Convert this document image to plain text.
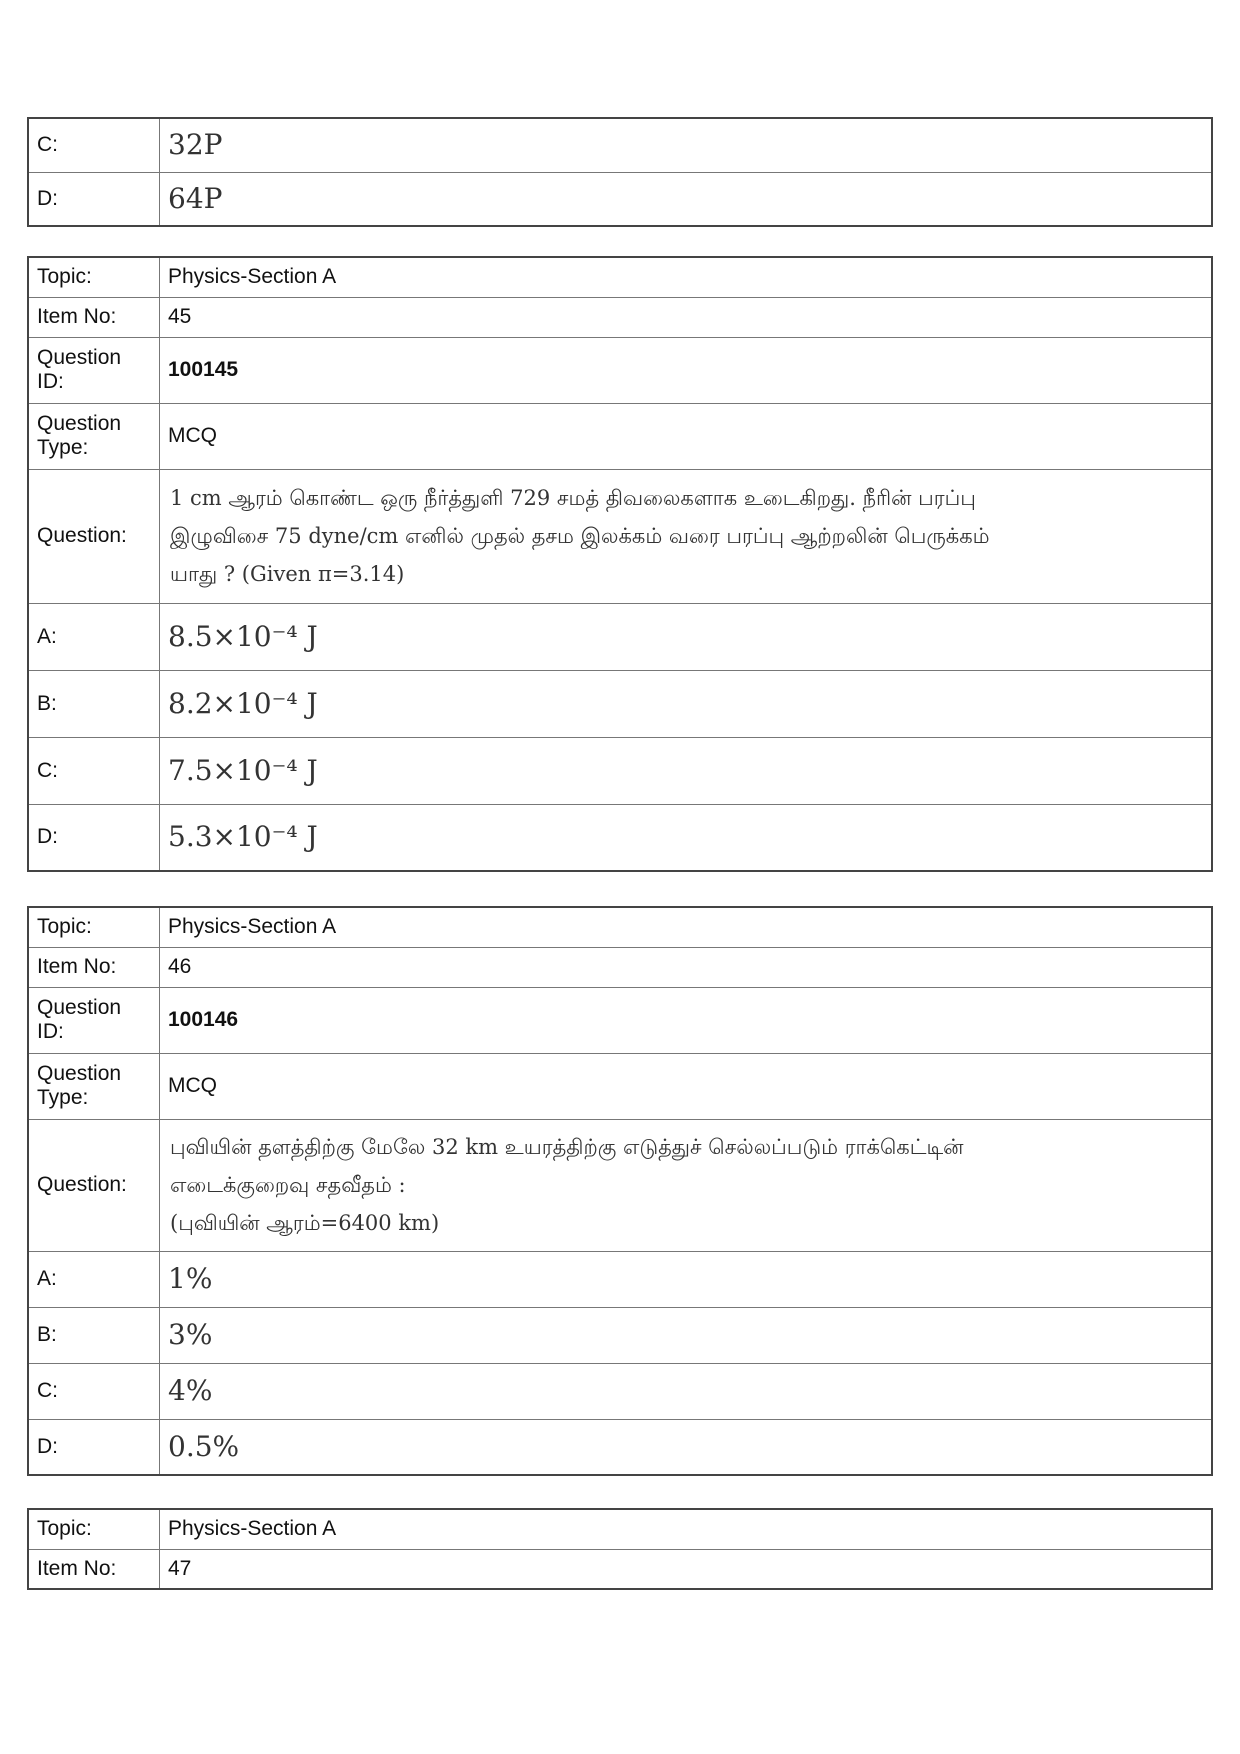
C:	32P
D:	64P
Topic:	Physics-Section A
Item No:	45
Question ID:	100145
Question Type:	MCQ
Question:	1 cm ஆரம் கொண்ட ஒரு நீர்த்துளி 729 சமத் திவலைகளாக உடைகிறது. நீரின் பரப்பு
இழுவிசை 75 dyne/cm எனில் முதல் தசம இலக்கம் வரை பரப்பு ஆற்றலின் பெருக்கம்
யாது ? (Given π=3.14)

A:	8.5×10⁻⁴ J
B:	8.2×10⁻⁴ J
C:	7.5×10⁻⁴ J
D:	5.3×10⁻⁴ J
Topic:	Physics-Section A
Item No:	46
Question ID:	100146
Question Type:	MCQ
Question:	புவியின் தளத்திற்கு மேலே 32 km உயரத்திற்கு எடுத்துச் செல்லப்படும் ராக்கெட்டின்
எடைக்குறைவு சதவீதம் :
(புவியின் ஆரம்=6400 km)

A:	1%
B:	3%
C:	4%
D:	0.5%
Topic:	Physics-Section A
Item No:	47
